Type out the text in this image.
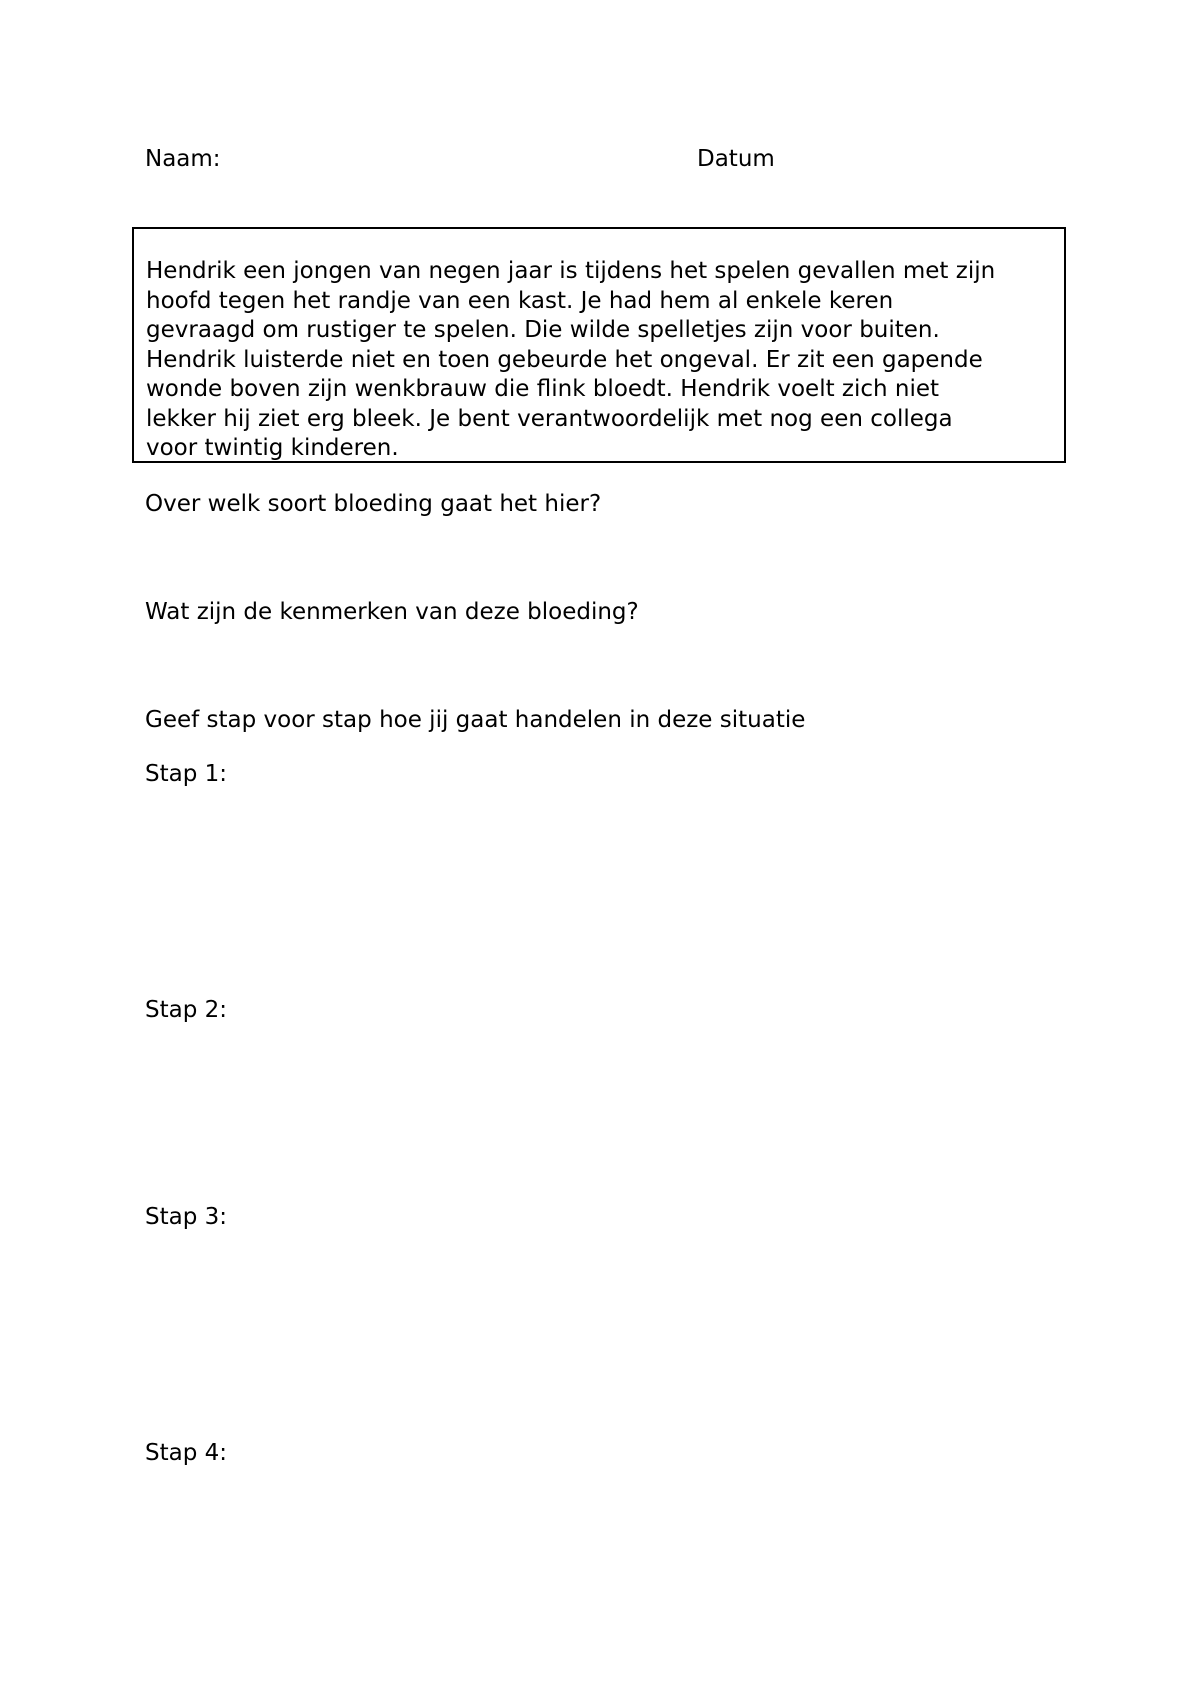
Naam:	Datum
Hendrik een jongen van negen jaar is tijdens het spelen gevallen met zijn
hoofd tegen het randje van een kast. Je had hem al enkele keren
gevraagd om rustiger te spelen. Die wilde spelletjes zijn voor buiten.
Hendrik luisterde niet en toen gebeurde het ongeval. Er zit een gapende
wonde boven zijn wenkbrauw die flink bloedt. Hendrik voelt zich niet
lekker hij ziet erg bleek. Je bent verantwoordelijk met nog een collega
voor twintig kinderen.
Over welk soort bloeding gaat het hier?
Wat zijn de kenmerken van deze bloeding?
Geef stap voor stap hoe jij gaat handelen in deze situatie
Stap 1:
Stap 2:
Stap 3:
Stap 4:
